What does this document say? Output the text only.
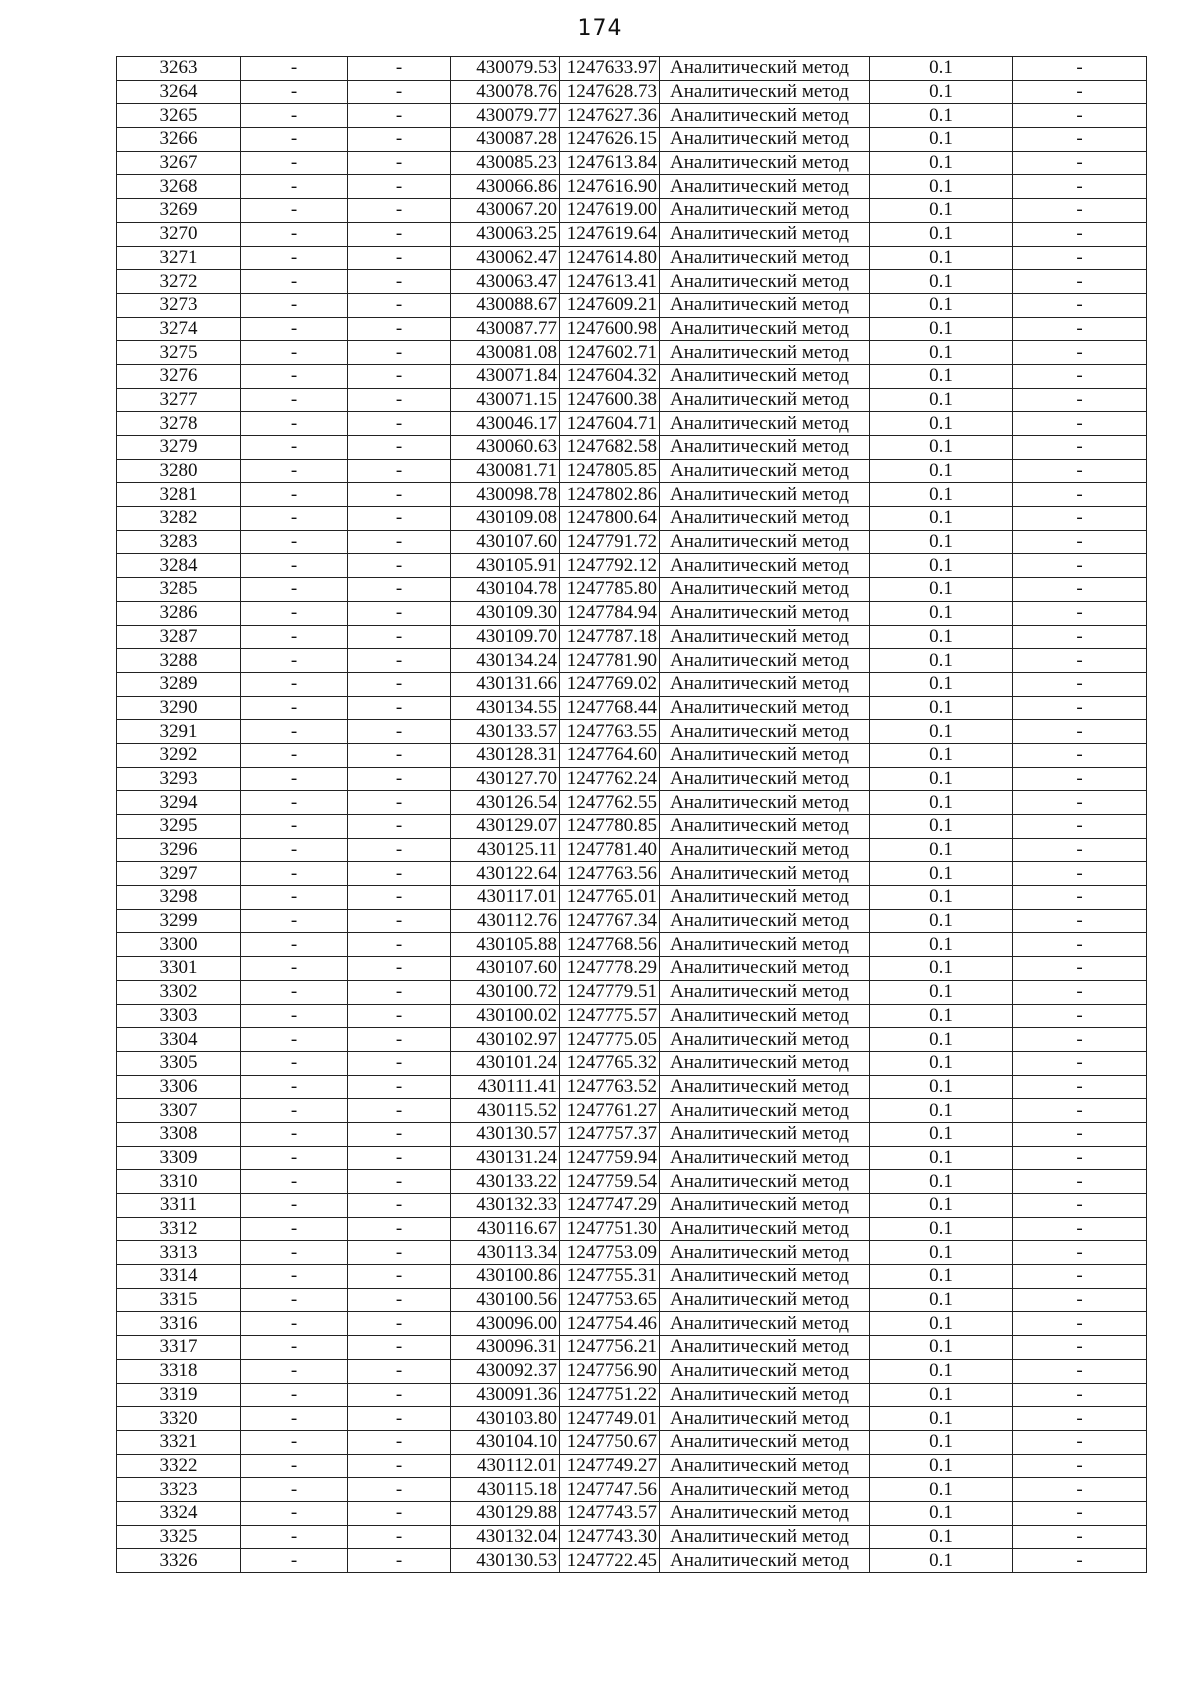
174
3263	-	-	430079.53	1247633.97	Аналитический метод	0.1	-
3264	-	-	430078.76	1247628.73	Аналитический метод	0.1	-
3265	-	-	430079.77	1247627.36	Аналитический метод	0.1	-
3266	-	-	430087.28	1247626.15	Аналитический метод	0.1	-
3267	-	-	430085.23	1247613.84	Аналитический метод	0.1	-
3268	-	-	430066.86	1247616.90	Аналитический метод	0.1	-
3269	-	-	430067.20	1247619.00	Аналитический метод	0.1	-
3270	-	-	430063.25	1247619.64	Аналитический метод	0.1	-
3271	-	-	430062.47	1247614.80	Аналитический метод	0.1	-
3272	-	-	430063.47	1247613.41	Аналитический метод	0.1	-
3273	-	-	430088.67	1247609.21	Аналитический метод	0.1	-
3274	-	-	430087.77	1247600.98	Аналитический метод	0.1	-
3275	-	-	430081.08	1247602.71	Аналитический метод	0.1	-
3276	-	-	430071.84	1247604.32	Аналитический метод	0.1	-
3277	-	-	430071.15	1247600.38	Аналитический метод	0.1	-
3278	-	-	430046.17	1247604.71	Аналитический метод	0.1	-
3279	-	-	430060.63	1247682.58	Аналитический метод	0.1	-
3280	-	-	430081.71	1247805.85	Аналитический метод	0.1	-
3281	-	-	430098.78	1247802.86	Аналитический метод	0.1	-
3282	-	-	430109.08	1247800.64	Аналитический метод	0.1	-
3283	-	-	430107.60	1247791.72	Аналитический метод	0.1	-
3284	-	-	430105.91	1247792.12	Аналитический метод	0.1	-
3285	-	-	430104.78	1247785.80	Аналитический метод	0.1	-
3286	-	-	430109.30	1247784.94	Аналитический метод	0.1	-
3287	-	-	430109.70	1247787.18	Аналитический метод	0.1	-
3288	-	-	430134.24	1247781.90	Аналитический метод	0.1	-
3289	-	-	430131.66	1247769.02	Аналитический метод	0.1	-
3290	-	-	430134.55	1247768.44	Аналитический метод	0.1	-
3291	-	-	430133.57	1247763.55	Аналитический метод	0.1	-
3292	-	-	430128.31	1247764.60	Аналитический метод	0.1	-
3293	-	-	430127.70	1247762.24	Аналитический метод	0.1	-
3294	-	-	430126.54	1247762.55	Аналитический метод	0.1	-
3295	-	-	430129.07	1247780.85	Аналитический метод	0.1	-
3296	-	-	430125.11	1247781.40	Аналитический метод	0.1	-
3297	-	-	430122.64	1247763.56	Аналитический метод	0.1	-
3298	-	-	430117.01	1247765.01	Аналитический метод	0.1	-
3299	-	-	430112.76	1247767.34	Аналитический метод	0.1	-
3300	-	-	430105.88	1247768.56	Аналитический метод	0.1	-
3301	-	-	430107.60	1247778.29	Аналитический метод	0.1	-
3302	-	-	430100.72	1247779.51	Аналитический метод	0.1	-
3303	-	-	430100.02	1247775.57	Аналитический метод	0.1	-
3304	-	-	430102.97	1247775.05	Аналитический метод	0.1	-
3305	-	-	430101.24	1247765.32	Аналитический метод	0.1	-
3306	-	-	430111.41	1247763.52	Аналитический метод	0.1	-
3307	-	-	430115.52	1247761.27	Аналитический метод	0.1	-
3308	-	-	430130.57	1247757.37	Аналитический метод	0.1	-
3309	-	-	430131.24	1247759.94	Аналитический метод	0.1	-
3310	-	-	430133.22	1247759.54	Аналитический метод	0.1	-
3311	-	-	430132.33	1247747.29	Аналитический метод	0.1	-
3312	-	-	430116.67	1247751.30	Аналитический метод	0.1	-
3313	-	-	430113.34	1247753.09	Аналитический метод	0.1	-
3314	-	-	430100.86	1247755.31	Аналитический метод	0.1	-
3315	-	-	430100.56	1247753.65	Аналитический метод	0.1	-
3316	-	-	430096.00	1247754.46	Аналитический метод	0.1	-
3317	-	-	430096.31	1247756.21	Аналитический метод	0.1	-
3318	-	-	430092.37	1247756.90	Аналитический метод	0.1	-
3319	-	-	430091.36	1247751.22	Аналитический метод	0.1	-
3320	-	-	430103.80	1247749.01	Аналитический метод	0.1	-
3321	-	-	430104.10	1247750.67	Аналитический метод	0.1	-
3322	-	-	430112.01	1247749.27	Аналитический метод	0.1	-
3323	-	-	430115.18	1247747.56	Аналитический метод	0.1	-
3324	-	-	430129.88	1247743.57	Аналитический метод	0.1	-
3325	-	-	430132.04	1247743.30	Аналитический метод	0.1	-
3326	-	-	430130.53	1247722.45	Аналитический метод	0.1	-
